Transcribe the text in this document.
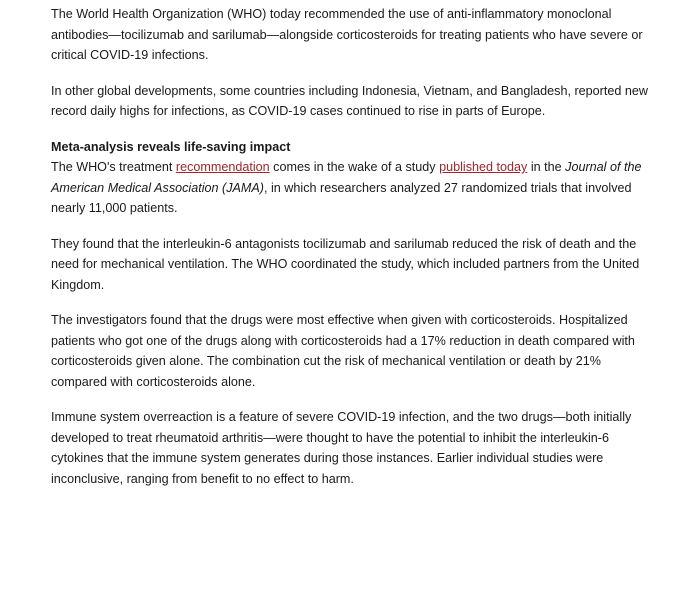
The World Health Organization (WHO) today recommended the use of anti-inflammatory monoclonal antibodies—tocilizumab and sarilumab—alongside corticosteroids for treating patients who have severe or critical COVID-19 infections.

In other global developments, some countries including Indonesia, Vietnam, and Bangladesh, reported new record daily highs for infections, as COVID-19 cases continued to rise in parts of Europe.

Meta-analysis reveals life-saving impact
The WHO's treatment recommendation comes in the wake of a study published today in the Journal of the American Medical Association (JAMA), in which researchers analyzed 27 randomized trials that involved nearly 11,000 patients.

They found that the interleukin-6 antagonists tocilizumab and sarilumab reduced the risk of death and the need for mechanical ventilation. The WHO coordinated the study, which included partners from the United Kingdom.

The investigators found that the drugs were most effective when given with corticosteroids. Hospitalized patients who got one of the drugs along with corticosteroids had a 17% reduction in death compared with corticosteroids given alone. The combination cut the risk of mechanical ventilation or death by 21% compared with corticosteroids alone.

Immune system overreaction is a feature of severe COVID-19 infection, and the two drugs—both initially developed to treat rheumatoid arthritis—were thought to have the potential to inhibit the interleukin-6 cytokines that the immune system generates during those instances. Earlier individual studies were inconclusive, ranging from benefit to no effect to harm.
